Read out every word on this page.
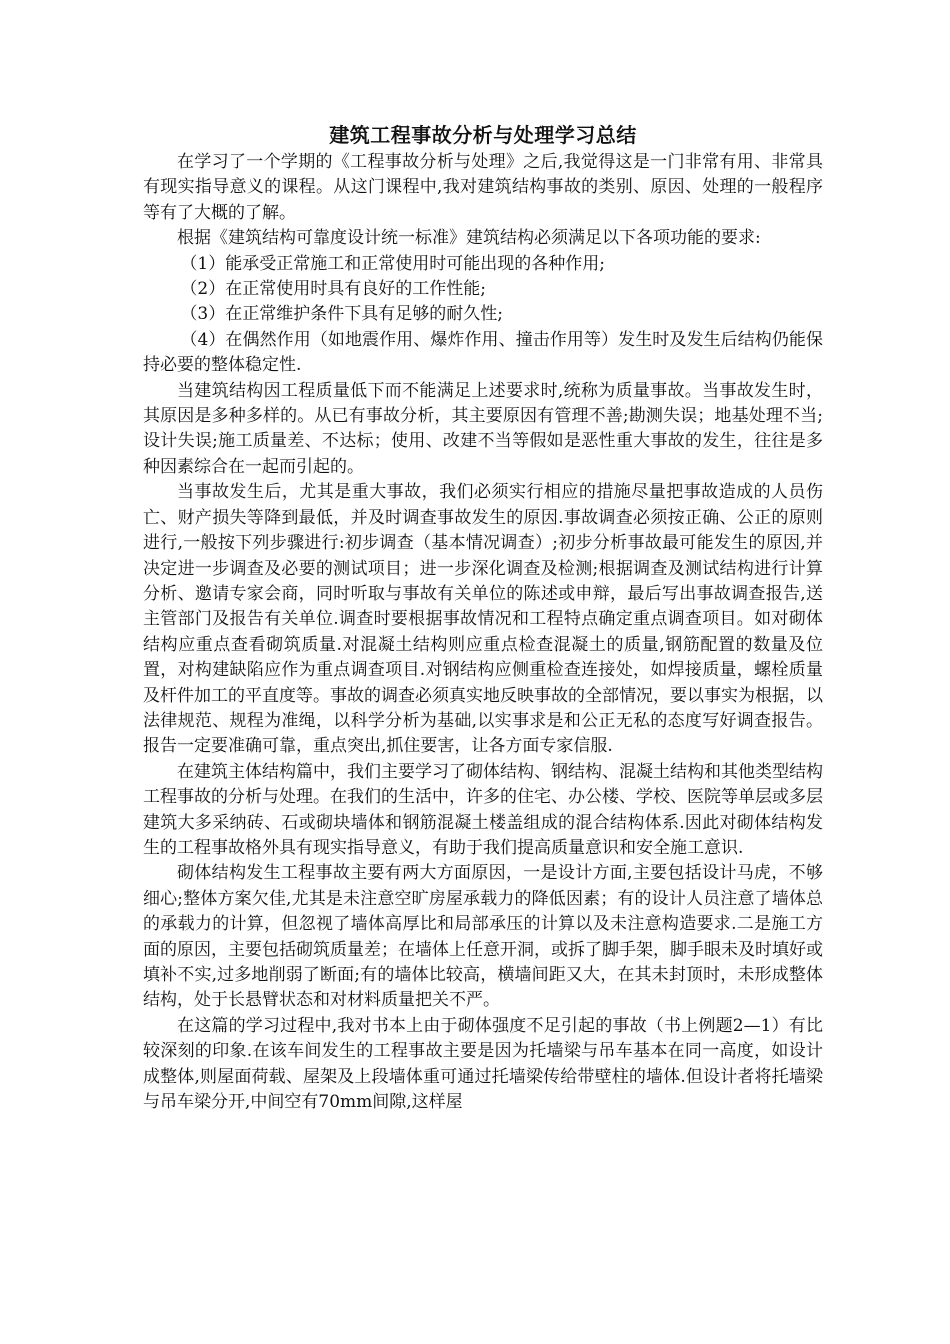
建筑工程事故分析与处理学习总结

在学习了一个学期的《工程事故分析与处理》之后,我觉得这是一门非常有用、非常具有现实指导意义的课程。从这门课程中,我对建筑结构事故的类别、原因、处理的一般程序等有了大概的了解。

根据《建筑结构可靠度设计统一标准》建筑结构必须满足以下各项功能的要求:

（1）能承受正常施工和正常使用时可能出现的各种作用;

（2）在正常使用时具有良好的工作性能;

（3）在正常维护条件下具有足够的耐久性;

（4）在偶然作用（如地震作用、爆炸作用、撞击作用等）发生时及发生后结构仍能保持必要的整体稳定性.

当建筑结构因工程质量低下而不能满足上述要求时,统称为质量事故。当事故发生时，其原因是多种多样的。从已有事故分析，其主要原因有管理不善;勘测失误；地基处理不当;设计失误;施工质量差、不达标；使用、改建不当等假如是恶性重大事故的发生，往往是多种因素综合在一起而引起的。

当事故发生后，尤其是重大事故，我们必须实行相应的措施尽量把事故造成的人员伤亡、财产损失等降到最低，并及时调查事故发生的原因.事故调查必须按正确、公正的原则进行,一般按下列步骤进行:初步调查（基本情况调查）;初步分析事故最可能发生的原因,并决定进一步调查及必要的测试项目；进一步深化调查及检测;根据调查及测试结构进行计算分析、邀请专家会商，同时听取与事故有关单位的陈述或申辩，最后写出事故调查报告,送主管部门及报告有关单位.调查时要根据事故情况和工程特点确定重点调查项目。如对砌体结构应重点查看砌筑质量.对混凝土结构则应重点检查混凝土的质量,钢筋配置的数量及位置，对构建缺陷应作为重点调查项目.对钢结构应侧重检查连接处，如焊接质量，螺栓质量及杆件加工的平直度等。事故的调查必须真实地反映事故的全部情况，要以事实为根据，以法律规范、规程为准绳，以科学分析为基础,以实事求是和公正无私的态度写好调查报告。报告一定要准确可靠，重点突出,抓住要害，让各方面专家信服.

在建筑主体结构篇中，我们主要学习了砌体结构、钢结构、混凝土结构和其他类型结构工程事故的分析与处理。在我们的生活中，许多的住宅、办公楼、学校、医院等单层或多层建筑大多采纳砖、石或砌块墙体和钢筋混凝土楼盖组成的混合结构体系.因此对砌体结构发生的工程事故格外具有现实指导意义，有助于我们提高质量意识和安全施工意识.

砌体结构发生工程事故主要有两大方面原因，一是设计方面,主要包括设计马虎，不够细心;整体方案欠佳,尤其是未注意空旷房屋承载力的降低因素；有的设计人员注意了墙体总的承载力的计算，但忽视了墙体高厚比和局部承压的计算以及未注意构造要求.二是施工方面的原因，主要包括砌筑质量差；在墙体上任意开洞，或拆了脚手架，脚手眼未及时填好或填补不实,过多地削弱了断面;有的墙体比较高，横墙间距又大，在其未封顶时，未形成整体结构，处于长悬臂状态和对材料质量把关不严。

在这篇的学习过程中,我对书本上由于砌体强度不足引起的事故（书上例题2—1）有比较深刻的印象.在该车间发生的工程事故主要是因为托墙梁与吊车基本在同一高度，如设计成整体,则屋面荷载、屋架及上段墙体重可通过托墙梁传给带壁柱的墙体.但设计者将托墙梁与吊车梁分开,中间空有70mm间隙,这样屋
